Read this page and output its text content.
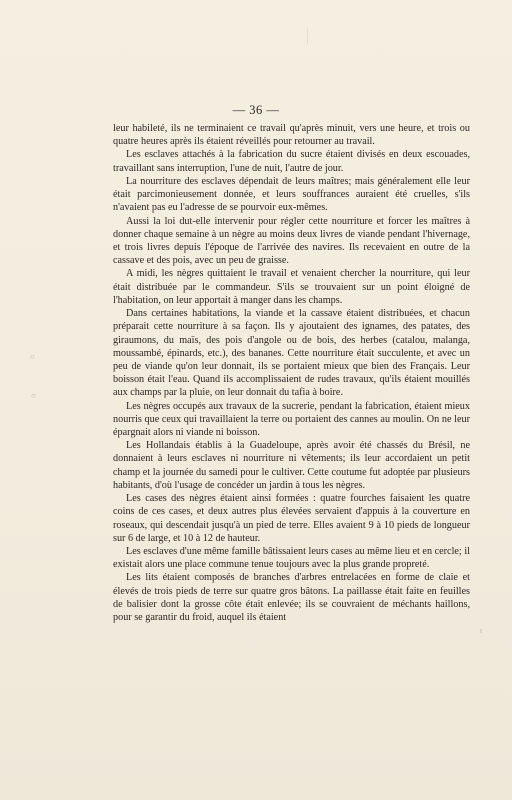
○
○
ι
— 36 —

leur habileté, ils ne terminaient ce travail qu'après minuit, vers une heure, et trois ou quatre heures après ils étaient réveillés pour retourner au travail.

Les esclaves attachés à la fabrication du sucre étaient divisés en deux escouades, travaillant sans interruption, l'une de nuit, l'autre de jour.

La nourriture des esclaves dépendait de leurs maîtres; mais généralement elle leur était parcimonieusement donnée, et leurs souffrances auraient été cruelles, s'ils n'avaient pas eu l'adresse de se pourvoir eux-mêmes.

Aussi la loi dut-elle intervenir pour régler cette nourriture et forcer les maîtres à donner chaque semaine à un nègre au moins deux livres de viande pendant l'hivernage, et trois livres depuis l'époque de l'arrivée des navires. Ils recevaient en outre de la cassave et des pois, avec un peu de graisse.

A midi, les nègres quittaient le travail et venaient chercher la nourriture, qui leur était distribuée par le commandeur. S'ils se trouvaient sur un point éloigné de l'habitation, on leur apportait à manger dans les champs.

Dans certaines habitations, la viande et la cassave étaient distribuées, et chacun préparait cette nourriture à sa façon. Ils y ajoutaient des ignames, des patates, des giraumons, du maïs, des pois d'angole ou de bois, des herbes (catalou, malanga, moussambé, épinards, etc.), des bananes. Cette nourriture était succulente, et avec un peu de viande qu'on leur donnait, ils se portaient mieux que bien des Français. Leur boisson était l'eau. Quand ils accomplissaient de rudes travaux, qu'ils étaient mouillés aux champs par la pluie, on leur donnait du tafia à boire.

Les nègres occupés aux travaux de la sucrerie, pendant la fabrication, étaient mieux nourris que ceux qui travaillaient la terre ou portaient des cannes au moulin. On ne leur épargnait alors ni viande ni boisson.

Les Hollandais établis à la Guadeloupe, après avoir été chassés du Brésil, ne donnaient à leurs esclaves ni nourriture ni vêtements; ils leur accordaient un petit champ et la journée du samedi pour le cultiver. Cette coutume fut adoptée par plusieurs habitants, d'où l'usage de concéder un jardin à tous les nègres.

Les cases des nègres étaient ainsi formées : quatre fourches faisaient les quatre coins de ces cases, et deux autres plus élevées servaient d'appuis à la couverture en roseaux, qui descendait jusqu'à un pied de terre. Elles avaient 9 à 10 pieds de longueur sur 6 de large, et 10 à 12 de hauteur.

Les esclaves d'une même famille bâtissaient leurs cases au même lieu et en cercle; il existait alors une place commune tenue toujours avec la plus grande propreté.

Les lits étaient composés de branches d'arbres entrelacées en forme de claie et élevés de trois pieds de terre sur quatre gros bâtons. La paillasse était faite en feuilles de balisier dont la grosse côte était enlevée; ils se couvraient de méchants haillons, pour se garantir du froid, auquel ils étaient
